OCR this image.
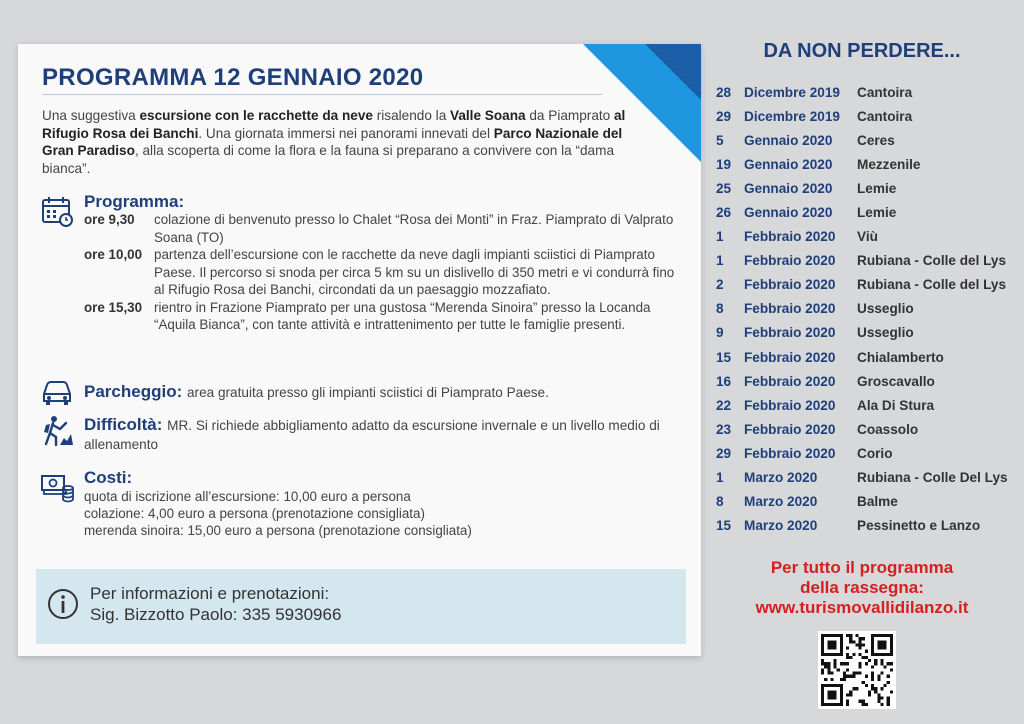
PROGRAMMA 12 GENNAIO 2020
Una suggestiva escursione con le racchette da neve risalendo la Valle Soana da Piamprato al Rifugio Rosa dei Banchi. Una giornata immersi nei panorami innevati del Parco Nazionale del Gran Paradiso, alla scoperta di come la flora e la fauna si preparano a convivere con la “dama bianca”.
Programma:
ore 9,30	colazione di benvenuto presso lo Chalet “Rosa dei Monti” in Fraz. Piamprato di Valprato Soana (TO)
ore 10,00 partenza dell’escursione con le racchette da neve dagli impianti sciistici di Piamprato Paese. Il percorso si snoda per circa 5 km su un dislivello di 350 metri e vi condurrà fino al Rifugio Rosa dei Banchi, circondati da un paesaggio mozzafiato.
ore 15,30 rientro in Frazione Piamprato per una gustosa “Merenda Sinoira” presso la Locanda “Aquila Bianca”, con tante attività e intrattenimento per tutte le famiglie presenti.
Parcheggio: area gratuita presso gli impianti sciistici di Piamprato Paese.
Difficoltà: MR. Si richiede abbigliamento adatto da escursione invernale e un livello medio di allenamento
Costi:
quota di iscrizione all’escursione: 10,00 euro a persona
colazione: 4,00 euro a persona (prenotazione consigliata)
merenda sinoira: 15,00 euro a persona (prenotazione consigliata)
Per informazioni e prenotazioni:
Sig. Bizzotto Paolo: 335 5930966
DA NON PERDERE...
28 Dicembre 2019	Cantoira
29 Dicembre 2019	Cantoira
5	Gennaio 2020	Ceres
19 Gennaio 2020	Mezzenile
25 Gennaio 2020	Lemie
26 Gennaio 2020	Lemie
1	Febbraio 2020	Viù
1	Febbraio 2020	Rubiana - Colle del Lys
2	Febbraio 2020	Rubiana - Colle del Lys
8	Febbraio 2020	Usseglio
9	Febbraio 2020	Usseglio
15 Febbraio 2020	Chialamberto
16 Febbraio 2020	Groscavallo
22 Febbraio 2020	Ala Di Stura
23 Febbraio 2020	Coassolo
29 Febbraio 2020	Corio
1	Marzo 2020	Rubiana - Colle Del Lys
8	Marzo 2020	Balme
15 Marzo 2020	Pessinetto e Lanzo
Per tutto il programma
della rassegna:
www.turismovallidilanzo.it
